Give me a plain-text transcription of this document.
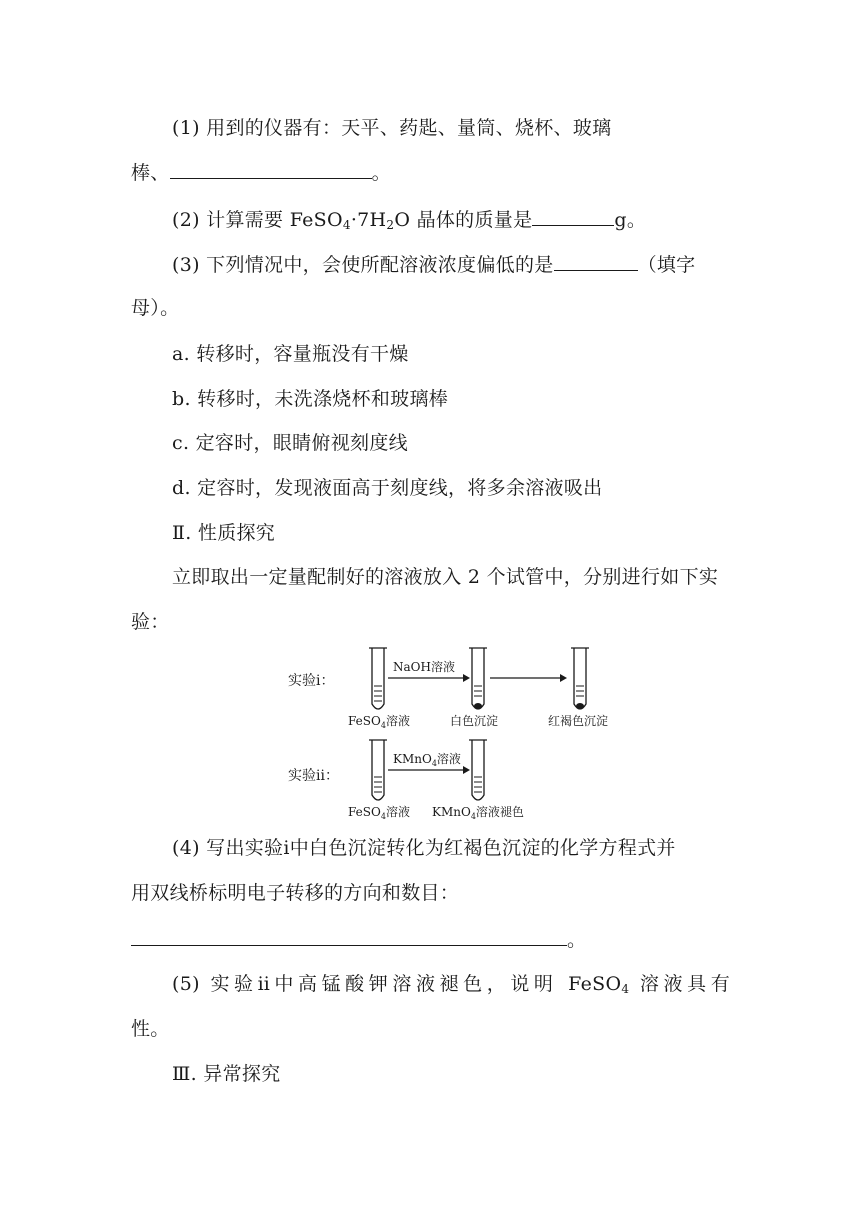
(1) 用到的仪器有：天平、药匙、量筒、烧杯、玻璃
棒、	。
(2) 计算需要 $FeSO_4\cdot 7H_2O$ 晶体的质量是	g。
(3) 下列情况中，会使所配溶液浓度偏低的是	（填字
母）。
a. 转移时，容量瓶没有干燥
b. 转移时，未洗涤烧杯和玻璃棒
c. 定容时，眼睛俯视刻度线
d. 定容时，发现液面高于刻度线，将多余溶液吸出
Ⅱ. 性质探究
立即取出一定量配制好的溶液放入 2 个试管中，分别进行如下实
验：
实验ⅰ：
NaOH溶液
FeSO$_4$溶液	白色沉淀	红褐色沉淀
实验ⅱ：
KMnO$_4$溶液
FeSO$_4$溶液 KMnO$_4$溶液褪色
(4) 写出实验ⅰ中白色沉淀转化为红褐色沉淀的化学方程式并
用双线桥标明电子转移的方向和数目：
。
(5) 实验ⅱ中高锰酸钾溶液褪色，说明 FeSO$_4$ 溶液具有
性。
Ⅲ. 异常探究
